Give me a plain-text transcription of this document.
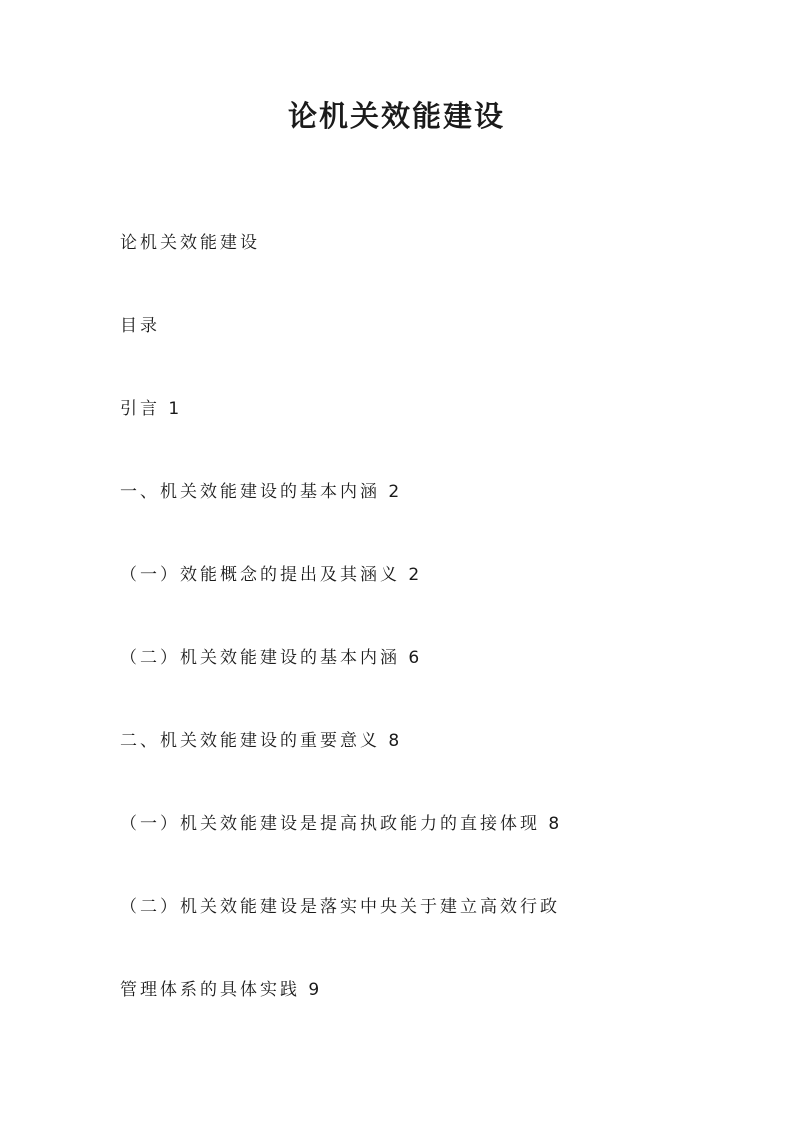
论机关效能建设

论机关效能建设

目录

引言 1

一、机关效能建设的基本内涵 2

（一）效能概念的提出及其涵义 2

（二）机关效能建设的基本内涵 6

二、机关效能建设的重要意义 8

（一）机关效能建设是提高执政能力的直接体现 8

（二）机关效能建设是落实中央关于建立高效行政

管理体系的具体实践 9
